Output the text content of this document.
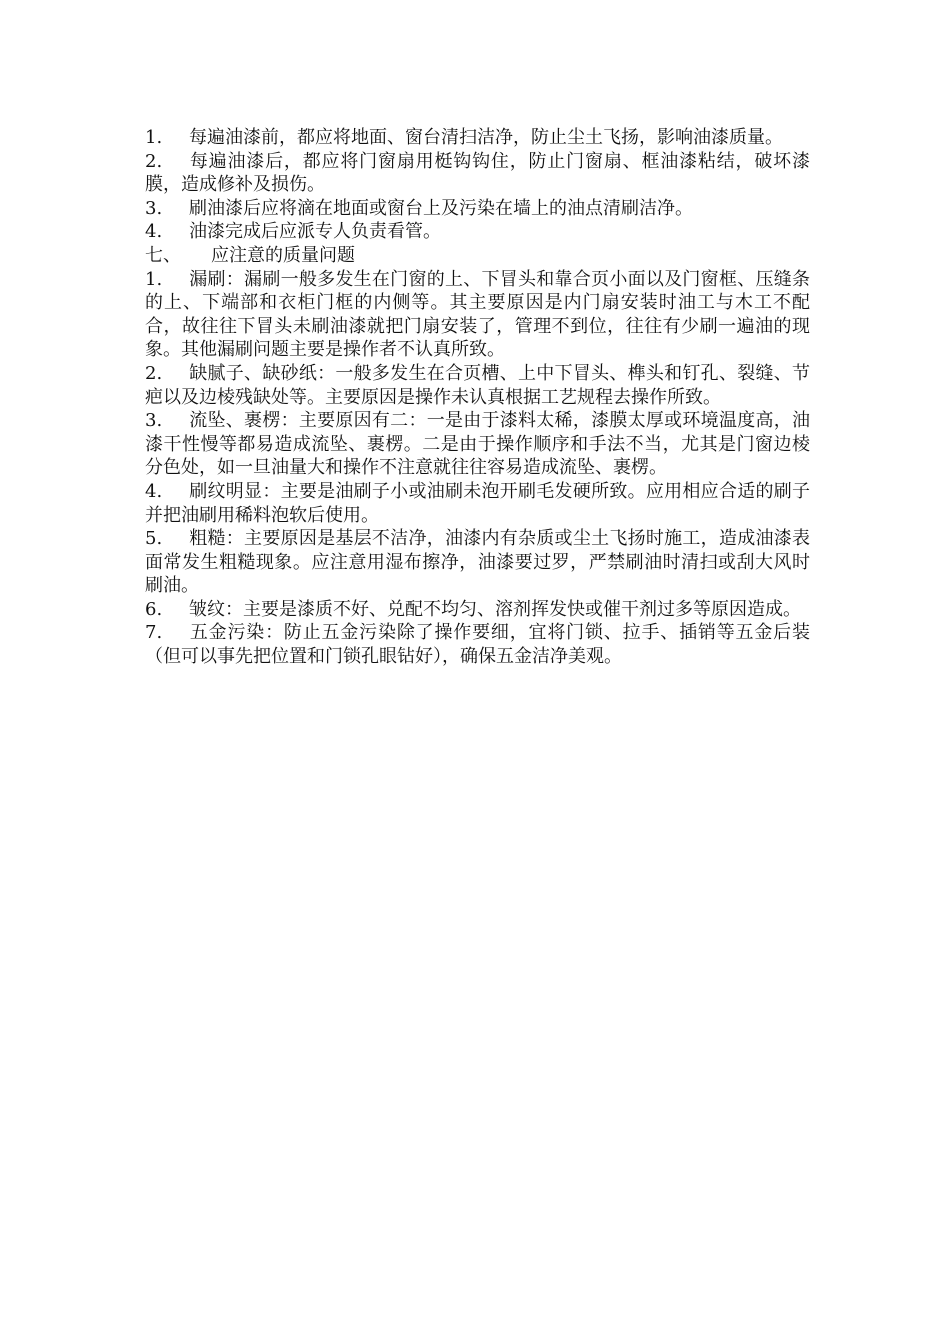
1. 每遍油漆前，都应将地面、窗台清扫洁净，防止尘土飞扬，影响油漆质量。
2. 每遍油漆后，都应将门窗扇用梃钩钩住，防止门窗扇、框油漆粘结，破坏漆膜，造成修补及损伤。
3. 刷油漆后应将滴在地面或窗台上及污染在墙上的油点清刷洁净。
4. 油漆完成后应派专人负责看管。
七、 应注意的质量问题
1. 漏刷：漏刷一般多发生在门窗的上、下冒头和靠合页小面以及门窗框、压缝条的上、下端部和衣柜门框的内侧等。其主要原因是内门扇安装时油工与木工不配合，故往往下冒头未刷油漆就把门扇安装了，管理不到位，往往有少刷一遍油的现象。其他漏刷问题主要是操作者不认真所致。
2. 缺腻子、缺砂纸：一般多发生在合页槽、上中下冒头、榫头和钉孔、裂缝、节疤以及边棱残缺处等。主要原因是操作未认真根据工艺规程去操作所致。
3. 流坠、裹楞：主要原因有二：一是由于漆料太稀，漆膜太厚或环境温度高，油漆干性慢等都易造成流坠、裹楞。二是由于操作顺序和手法不当，尤其是门窗边棱分色处，如一旦油量大和操作不注意就往往容易造成流坠、裹楞。
4. 刷纹明显：主要是油刷子小或油刷未泡开刷毛发硬所致。应用相应合适的刷子并把油刷用稀料泡软后使用。
5. 粗糙：主要原因是基层不洁净，油漆内有杂质或尘土飞扬时施工，造成油漆表面常发生粗糙现象。应注意用湿布擦净，油漆要过罗，严禁刷油时清扫或刮大风时刷油。
6. 皱纹：主要是漆质不好、兑配不均匀、溶剂挥发快或催干剂过多等原因造成。
7. 五金污染：防止五金污染除了操作要细，宜将门锁、拉手、插销等五金后装（但可以事先把位置和门锁孔眼钻好），确保五金洁净美观。
